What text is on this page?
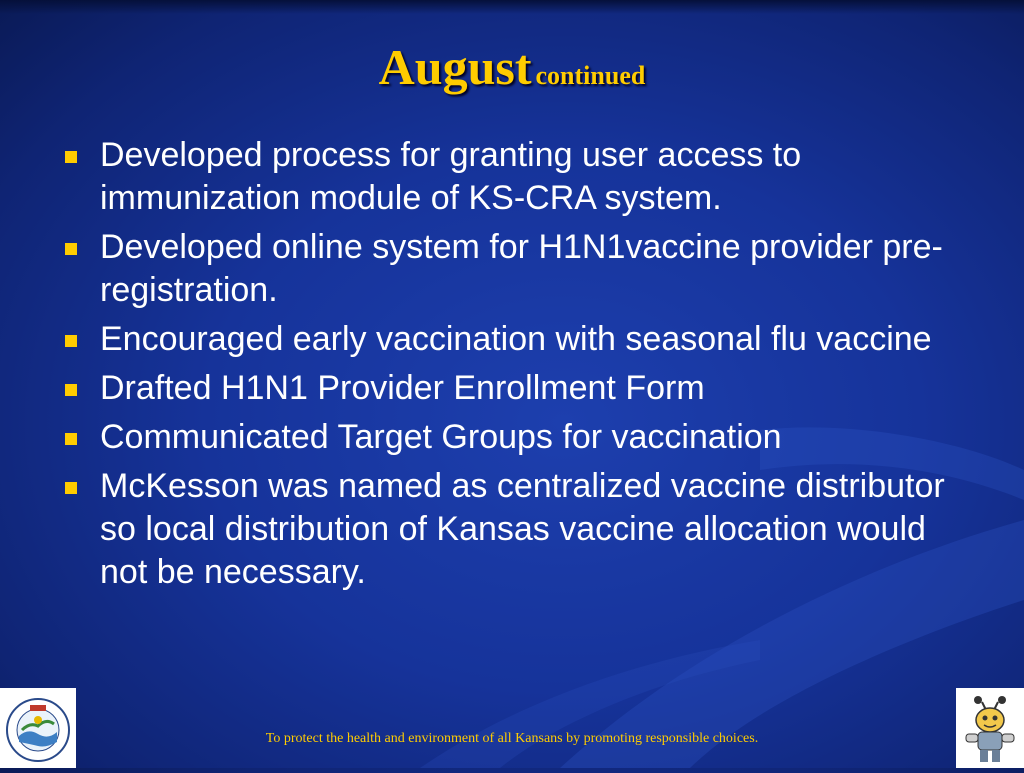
August continued
Developed process for granting user access to immunization module of KS-CRA system.
Developed online system for H1N1vaccine provider pre-registration.
Encouraged early vaccination with seasonal flu vaccine
Drafted H1N1 Provider Enrollment Form
Communicated Target Groups for vaccination
McKesson was named as centralized vaccine distributor so local distribution of Kansas vaccine allocation would not be necessary.
To protect the health and environment of all Kansans by promoting responsible choices.
